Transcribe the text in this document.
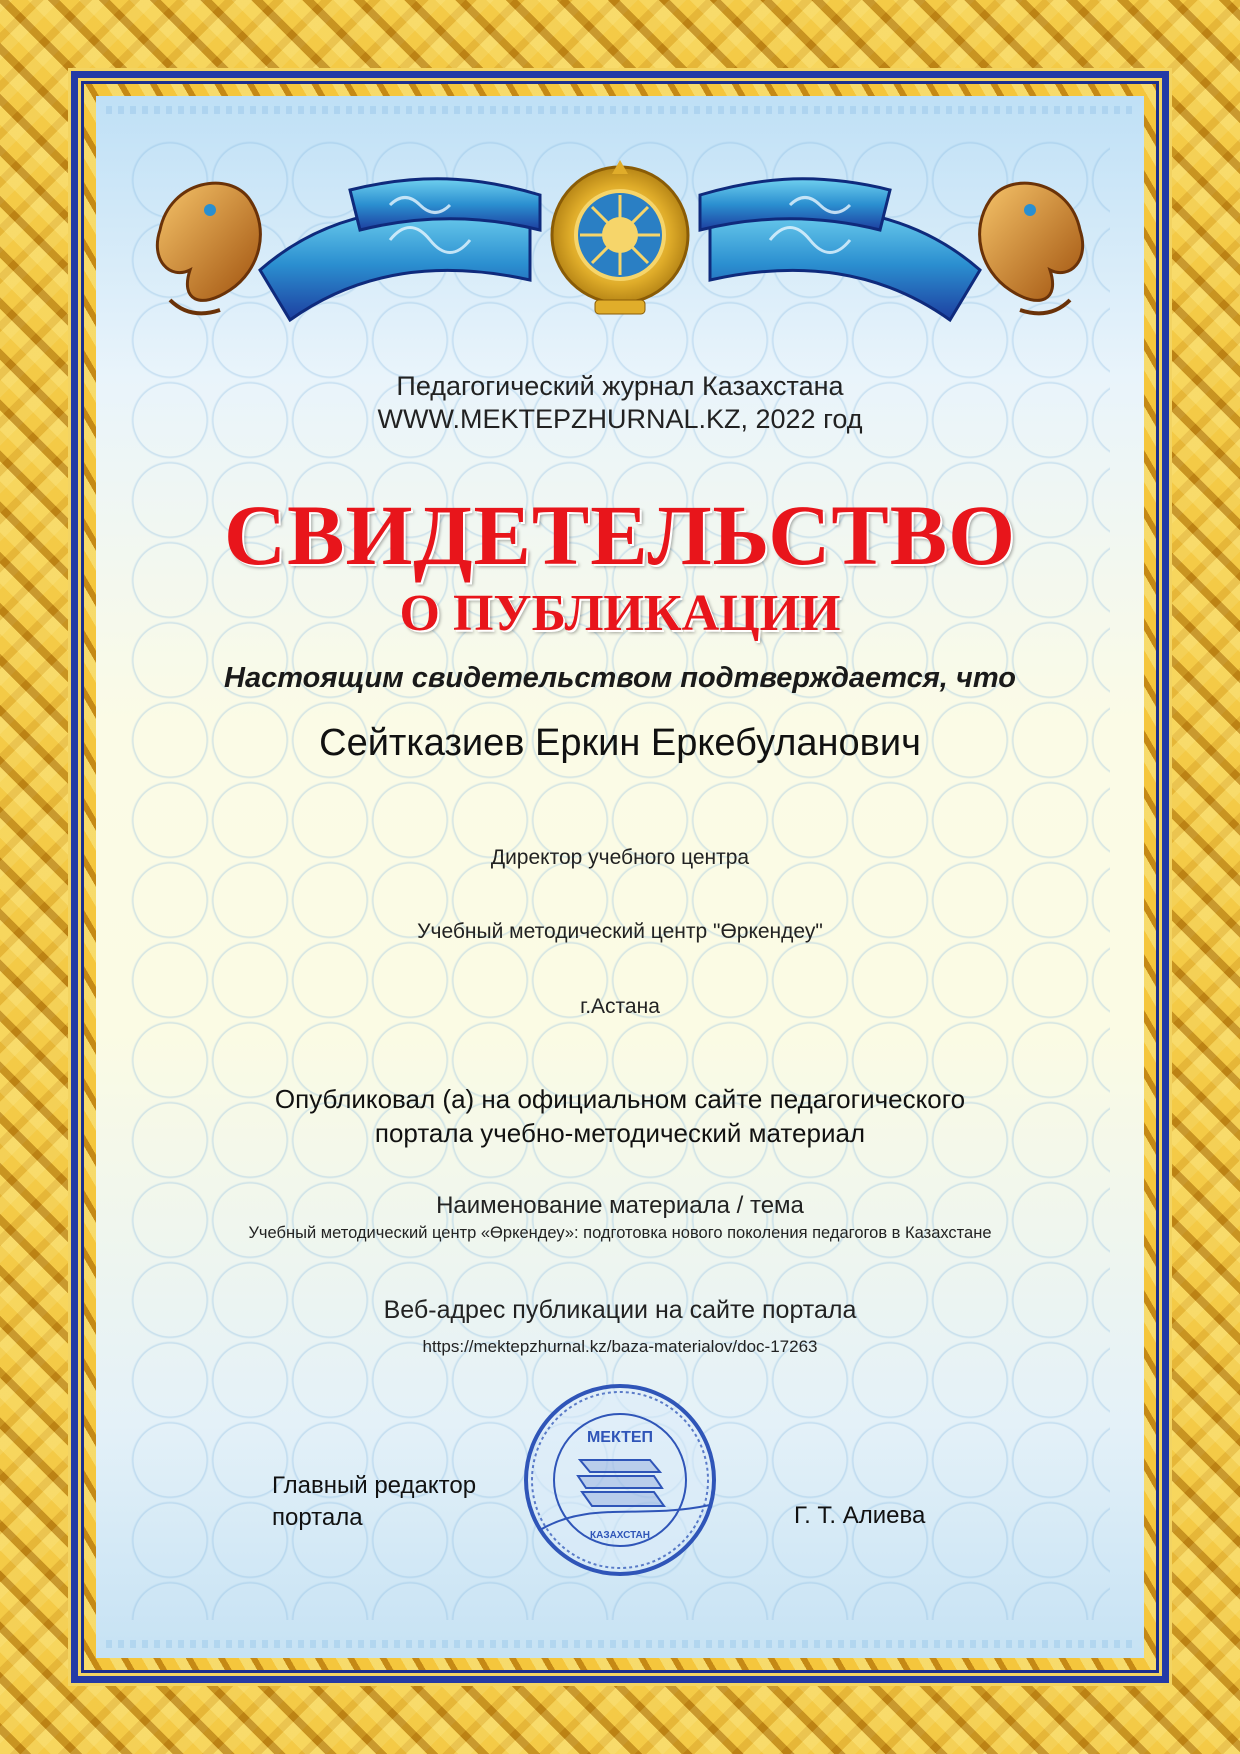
Педагогический журнал Казахстана
WWW.MEKTEPZHURNAL.KZ, 2022 год
СВИДЕТЕЛЬСТВО
О ПУБЛИКАЦИИ
Настоящим свидетельством подтверждается, что
Сейтказиев Еркин Еркебуланович
Директор учебного центра
Учебный методический центр "Өркендеу"
г.Астана
Опубликовал (а) на официальном сайте педагогического
портала учебно-методический материал
Наименование материала / тема
Учебный методический центр «Өркендеу»: подготовка нового поколения педагогов в Казахстане
Веб-адрес публикации на сайте портала
https://mektepzhurnal.kz/baza-materialov/doc-17263
МЕКТЕП
КАЗАХСТАН
Главный редактор
портала	Г. Т. Алиева
